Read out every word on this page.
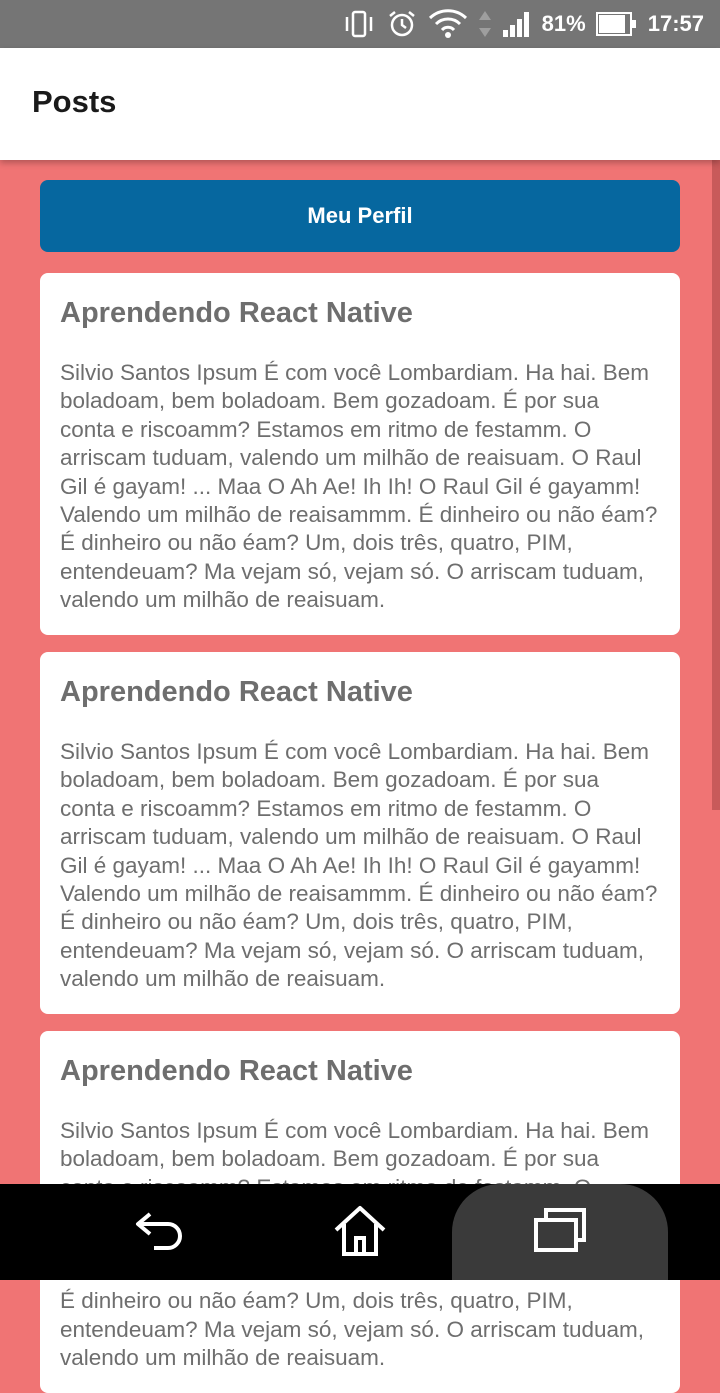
81%	17:57
Posts
Meu Perfil
Aprendendo React Native

Silvio Santos Ipsum É com você Lombardiam. Ha hai. Bem boladoam, bem boladoam. Bem gozadoam. É por sua conta e riscoamm? Estamos em ritmo de festamm. O arriscam tuduam, valendo um milhão de reaisuam. O Raul Gil é gayam! ... Maa O Ah Ae! Ih Ih! O Raul Gil é gayamm! Valendo um milhão de reaisammm. É dinheiro ou não éam? É dinheiro ou não éam? Um, dois três, quatro, PIM, entendeuam? Ma vejam só, vejam só. O arriscam tuduam, valendo um milhão de reaisuam.

Aprendendo React Native

Silvio Santos Ipsum É com você Lombardiam. Ha hai. Bem boladoam, bem boladoam. Bem gozadoam. É por sua conta e riscoamm? Estamos em ritmo de festamm. O arriscam tuduam, valendo um milhão de reaisuam. O Raul Gil é gayam! ... Maa O Ah Ae! Ih Ih! O Raul Gil é gayamm! Valendo um milhão de reaisammm. É dinheiro ou não éam? É dinheiro ou não éam? Um, dois três, quatro, PIM, entendeuam? Ma vejam só, vejam só. O arriscam tuduam, valendo um milhão de reaisuam.

Aprendendo React Native

Silvio Santos Ipsum É com você Lombardiam. Ha hai. Bem boladoam, bem boladoam. Bem gozadoam. É por sua É dinheiro ou não éam? Um, dois três, quatro, PIM, entendeuam? Ma vejam só, vejam só. O arriscam tuduam, valendo um milhão de reaisuam.
